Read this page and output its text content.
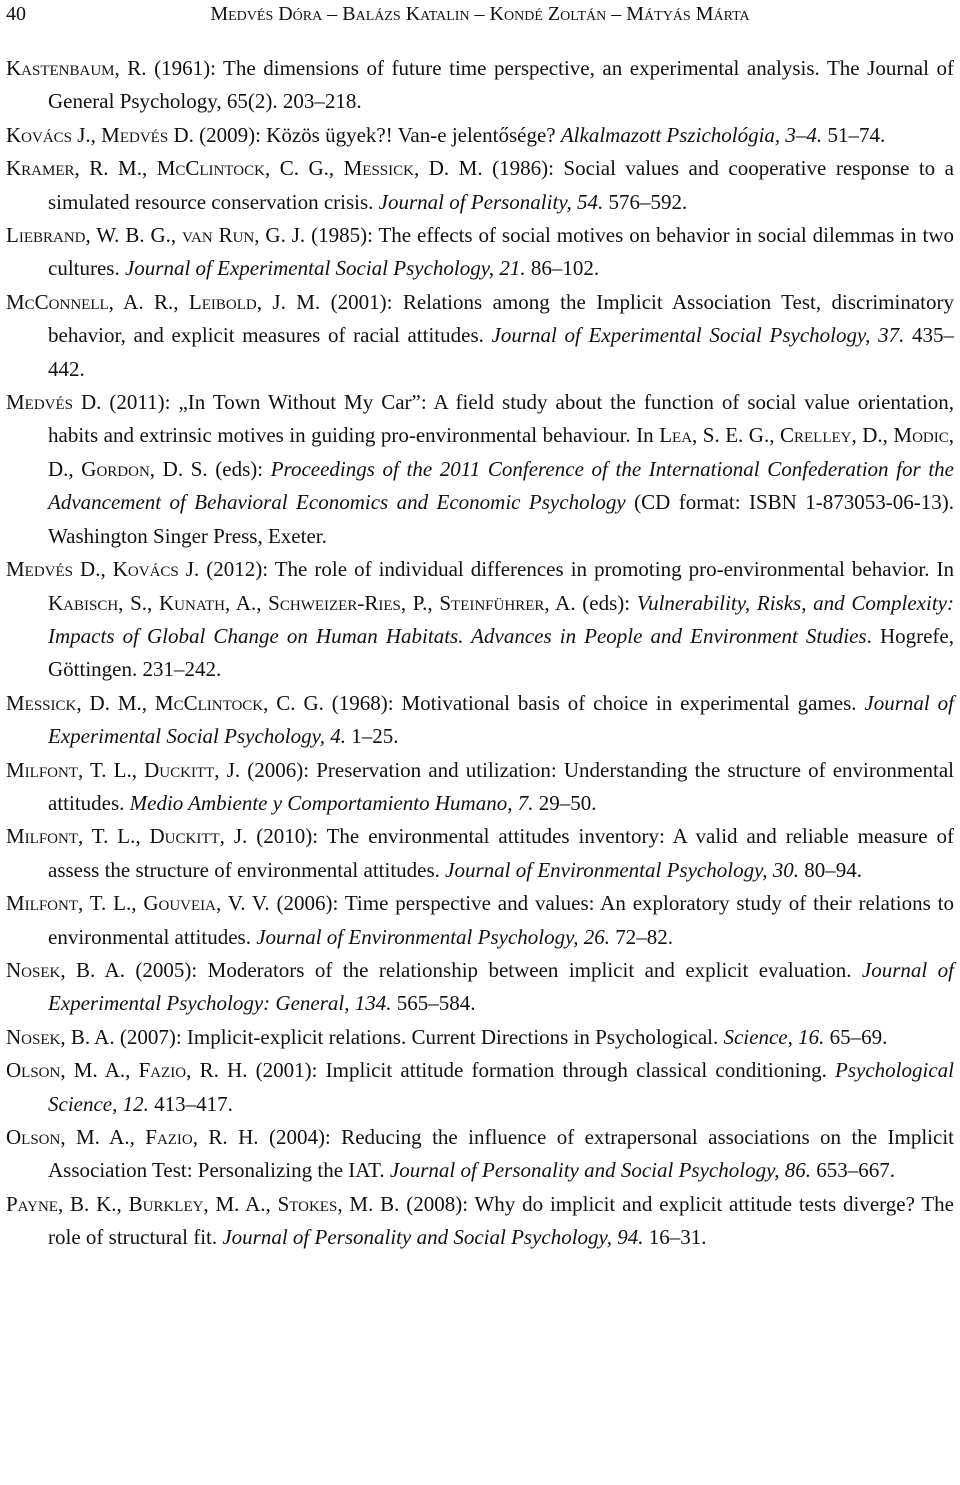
40	Medvés Dóra – Balázs Katalin – Kondé Zoltán – Mátyás Márta

Kastenbaum, R. (1961): The dimensions of future time perspective, an experimental analysis. The Journal of General Psychology, 65(2). 203–218.

Kovács J., Medvés D. (2009): Közös ügyek?! Van-e jelentősége? Alkalmazott Pszichológia, 3–4. 51–74.

Kramer, R. M., McClintock, C. G., Messick, D. M. (1986): Social values and cooperative response to a simulated resource conservation crisis. Journal of Personality, 54. 576–592.

Liebrand, W. B. G., van Run, G. J. (1985): The effects of social motives on behavior in social dilemmas in two cultures. Journal of Experimental Social Psychology, 21. 86–102.

McConnell, A. R., Leibold, J. M. (2001): Relations among the Implicit Association Test, discriminatory behavior, and explicit measures of racial attitudes. Journal of Experimental Social Psychology, 37. 435–442.

Medvés D. (2011): „In Town Without My Car”: A field study about the function of social value orientation, habits and extrinsic motives in guiding pro-environmental behaviour. In Lea, S. E. G., Crelley, D., Modic, D., Gordon, D. S. (eds): Proceedings of the 2011 Conference of the International Confederation for the Advancement of Behavioral Economics and Economic Psychology (CD format: ISBN 1-873053-06-13). Washington Singer Press, Exeter.

Medvés D., Kovács J. (2012): The role of individual differences in promoting pro-environmental behavior. In Kabisch, S., Kunath, A., Schweizer-Ries, P., Steinführer, A. (eds): Vulnerability, Risks, and Complexity: Impacts of Global Change on Human Habitats. Advances in People and Environment Studies. Hogrefe, Göttingen. 231–242.

Messick, D. M., McClintock, C. G. (1968): Motivational basis of choice in experimental games. Journal of Experimental Social Psychology, 4. 1–25.

Milfont, T. L., Duckitt, J. (2006): Preservation and utilization: Understanding the structure of environmental attitudes. Medio Ambiente y Comportamiento Humano, 7. 29–50.

Milfont, T. L., Duckitt, J. (2010): The environmental attitudes inventory: A valid and reliable measure of assess the structure of environmental attitudes. Journal of Environmental Psychology, 30. 80–94.

Milfont, T. L., Gouveia, V. V. (2006): Time perspective and values: An exploratory study of their relations to environmental attitudes. Journal of Environmental Psychology, 26. 72–82.

Nosek, B. A. (2005): Moderators of the relationship between implicit and explicit evaluation. Journal of Experimental Psychology: General, 134. 565–584.

Nosek, B. A. (2007): Implicit-explicit relations. Current Directions in Psychological. Science, 16. 65–69.

Olson, M. A., Fazio, R. H. (2001): Implicit attitude formation through classical conditioning. Psychological Science, 12. 413–417.

Olson, M. A., Fazio, R. H. (2004): Reducing the influence of extrapersonal associations on the Implicit Association Test: Personalizing the IAT. Journal of Personality and Social Psychology, 86. 653–667.

Payne, B. K., Burkley, M. A., Stokes, M. B. (2008): Why do implicit and explicit attitude tests diverge? The role of structural fit. Journal of Personality and Social Psychology, 94. 16–31.
